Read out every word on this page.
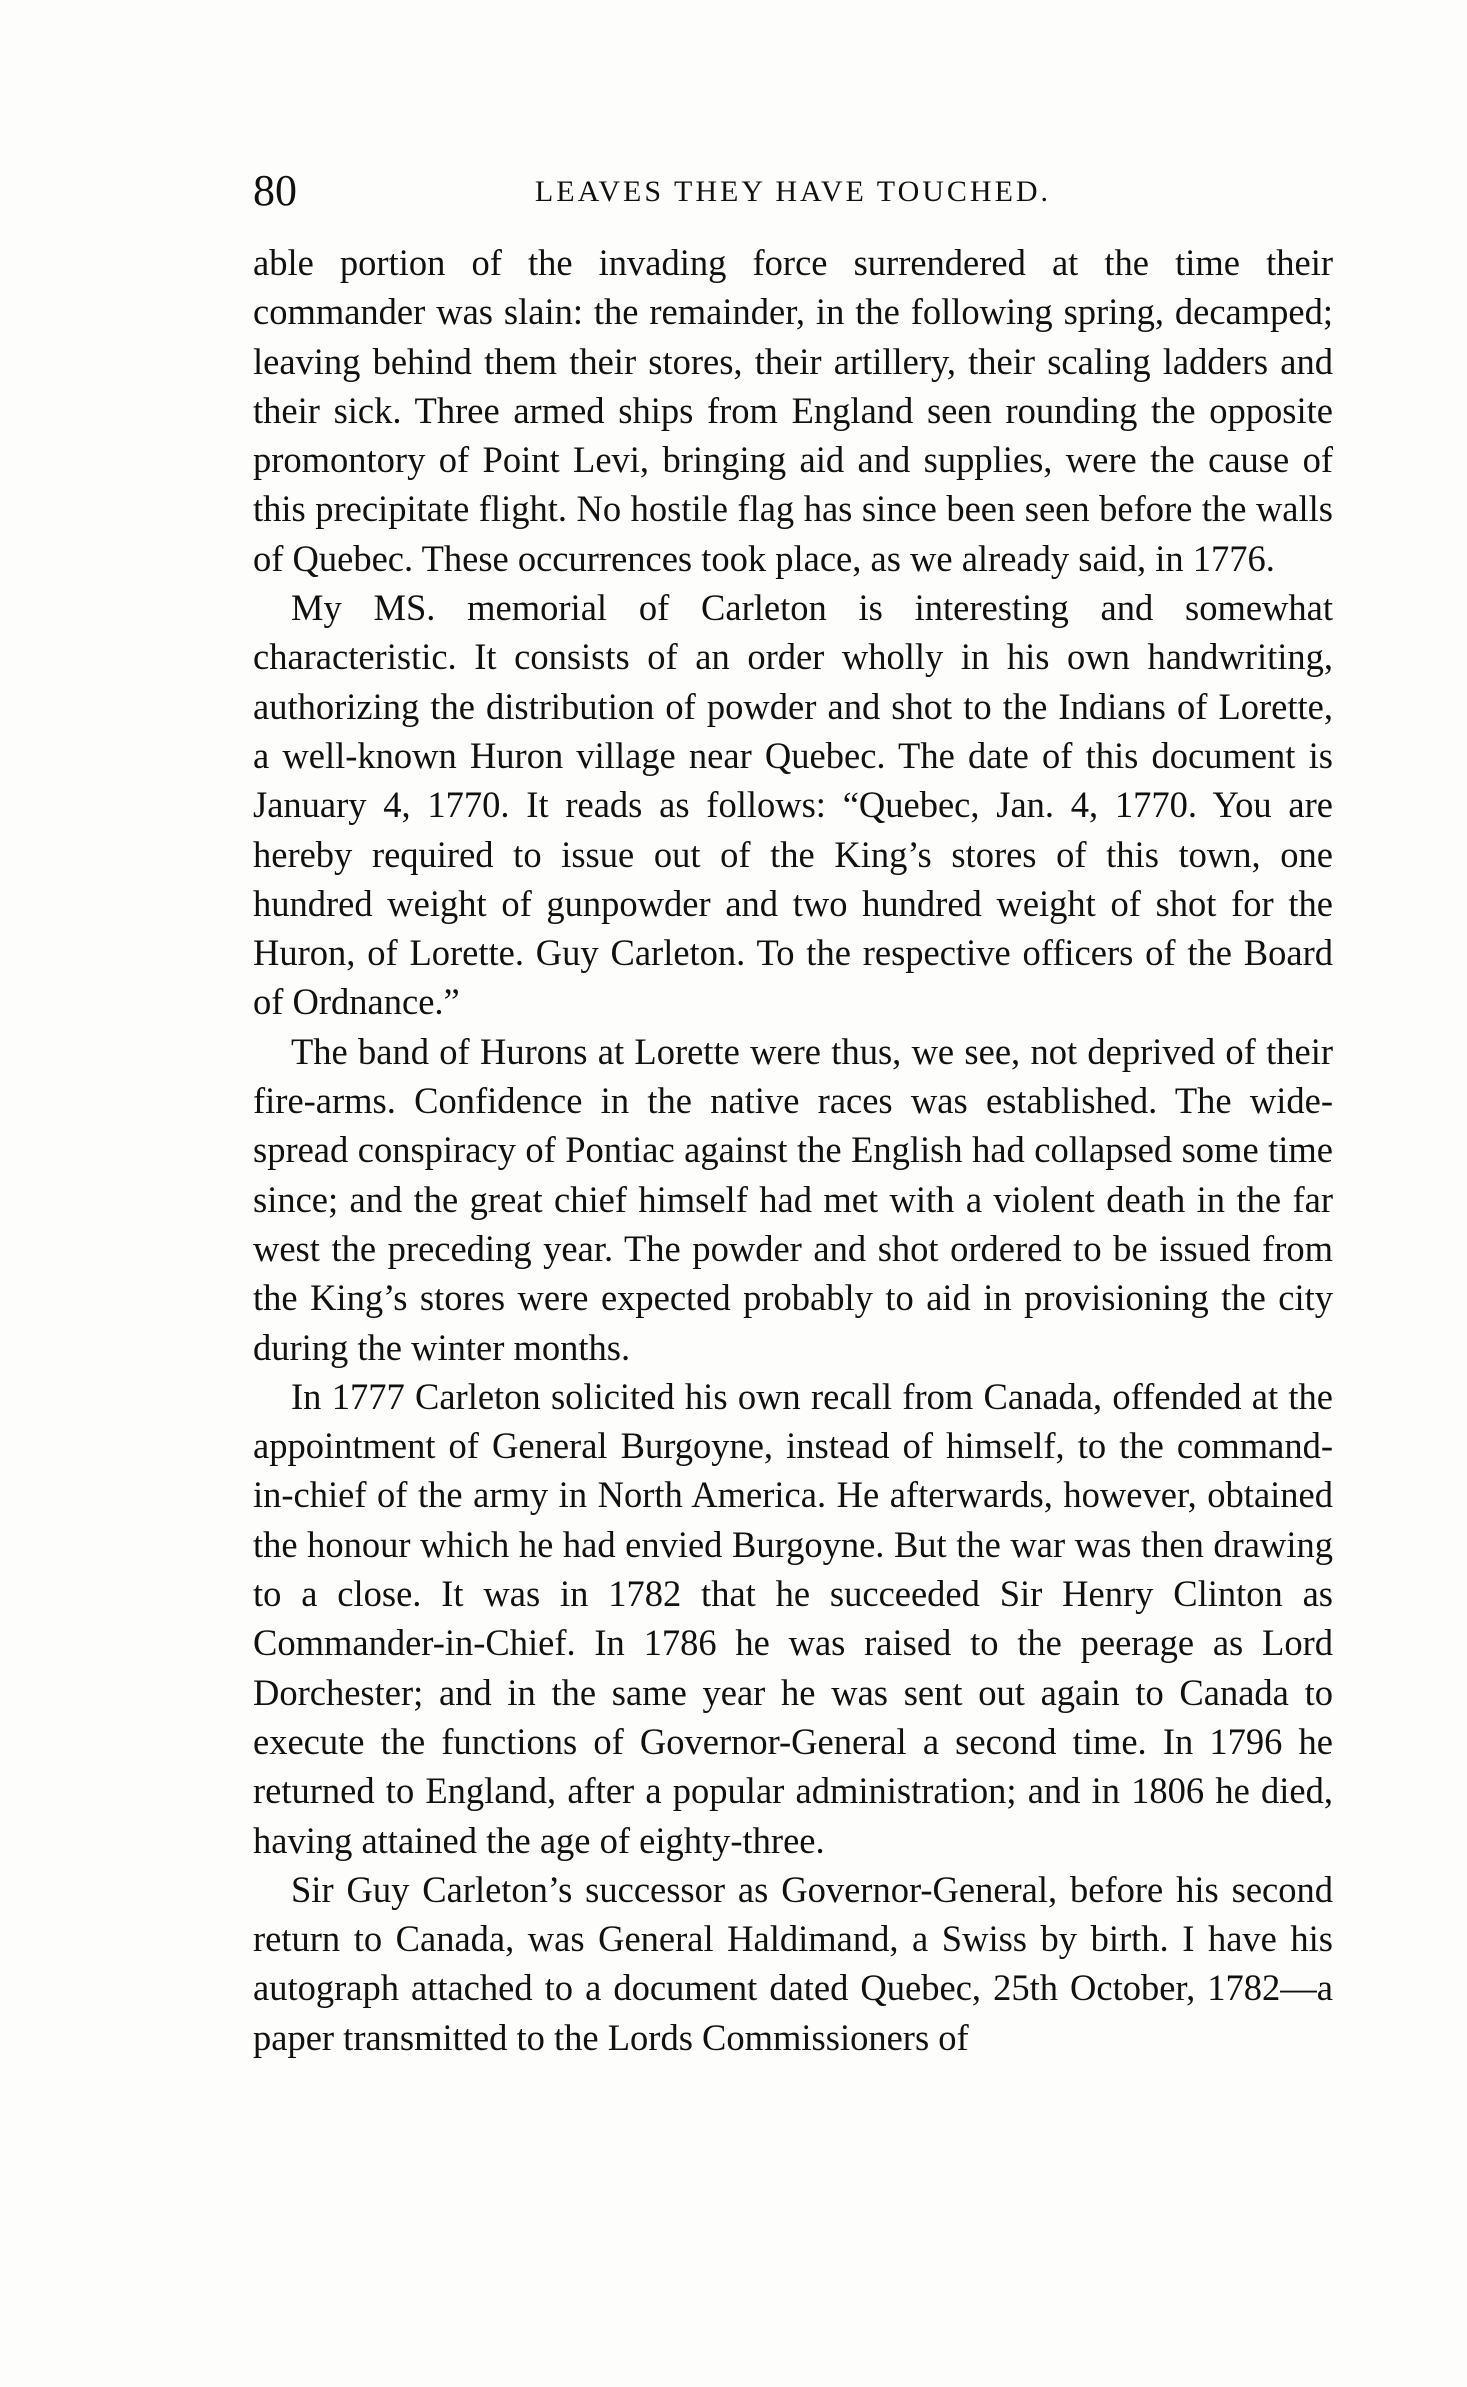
80	LEAVES THEY HAVE TOUCHED.

able portion of the invading force surrendered at the time their commander was slain: the remainder, in the following spring, decamped; leaving behind them their stores, their artillery, their scaling ladders and their sick. Three armed ships from England seen rounding the opposite promontory of Point Levi, bringing aid and supplies, were the cause of this precipitate flight. No hostile flag has since been seen before the walls of Quebec. These occurrences took place, as we already said, in 1776.

My MS. memorial of Carleton is interesting and somewhat characteristic. It consists of an order wholly in his own handwriting, authorizing the distribution of powder and shot to the Indians of Lorette, a well-known Huron village near Quebec. The date of this document is January 4, 1770. It reads as follows: “Quebec, Jan. 4, 1770. You are hereby required to issue out of the King’s stores of this town, one hundred weight of gunpowder and two hundred weight of shot for the Huron, of Lorette. Guy Carleton. To the respective officers of the Board of Ordnance.”

The band of Hurons at Lorette were thus, we see, not deprived of their fire-arms. Confidence in the native races was established. The wide-spread conspiracy of Pontiac against the English had collapsed some time since; and the great chief himself had met with a violent death in the far west the preceding year. The powder and shot ordered to be issued from the King’s stores were expected probably to aid in provisioning the city during the winter months.

In 1777 Carleton solicited his own recall from Canada, offended at the appointment of General Burgoyne, instead of himself, to the command-in-chief of the army in North America. He afterwards, however, obtained the honour which he had envied Burgoyne. But the war was then drawing to a close. It was in 1782 that he succeeded Sir Henry Clinton as Commander-in-Chief. In 1786 he was raised to the peerage as Lord Dorchester; and in the same year he was sent out again to Canada to execute the functions of Governor-General a second time. In 1796 he returned to England, after a popular administration; and in 1806 he died, having attained the age of eighty-three.

Sir Guy Carleton’s successor as Governor-General, before his second return to Canada, was General Haldimand, a Swiss by birth. I have his autograph attached to a document dated Quebec, 25th October, 1782—a paper transmitted to the Lords Commissioners of
